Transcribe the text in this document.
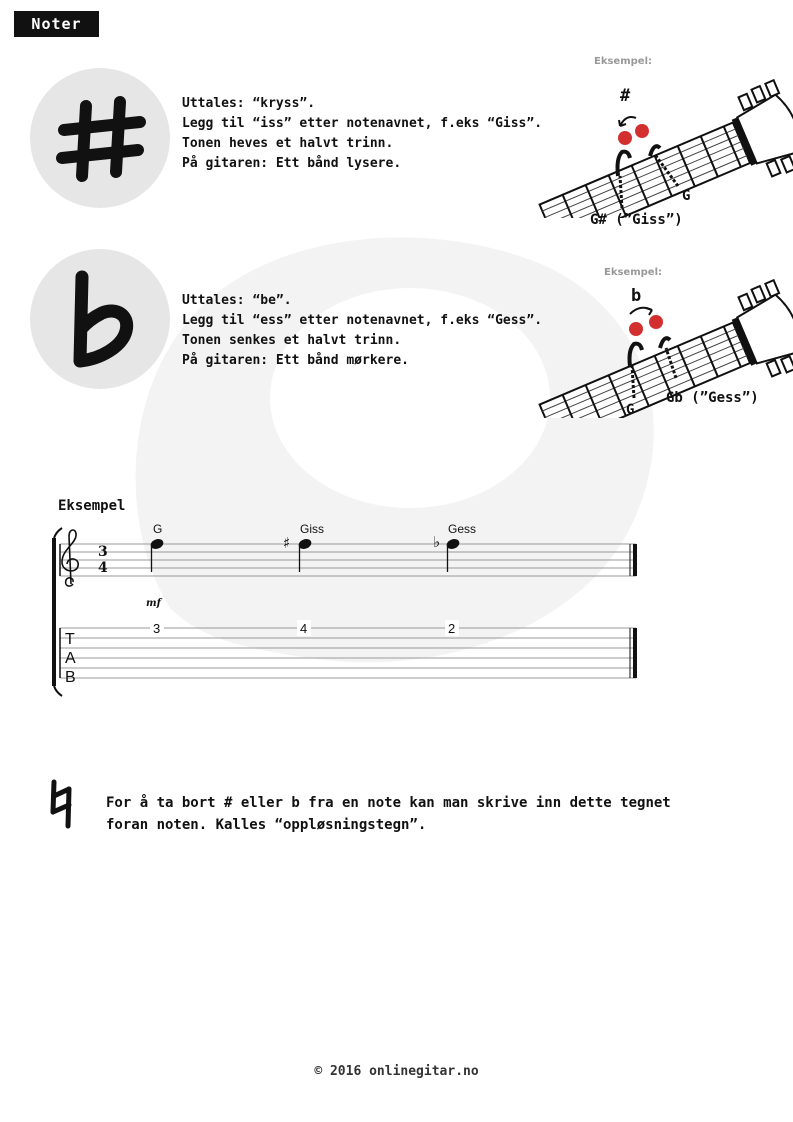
Noter
Uttales: “kryss”.
Legg til “iss” etter notenavnet, f.eks “Giss”.
Tonen heves et halvt trinn.
På gitaren: Ett bånd lysere.
Eksempel:
#
G
G# (”Giss”)
Uttales: “be”.
Legg til “ess” etter notenavnet, f.eks “Gess”.
Tonen senkes et halvt trinn.
På gitaren: Ett bånd mørkere.
Eksempel:
b
G
Gb (”Gess”)
Eksempel
3
4
G	Giss	Gess
♯	♭
mf
3	4	2
T
A
B
For å ta bort # eller b fra en note kan man skrive inn dette tegnet
foran noten. Kalles “oppløsningstegn”.
© 2016 onlinegitar.no
